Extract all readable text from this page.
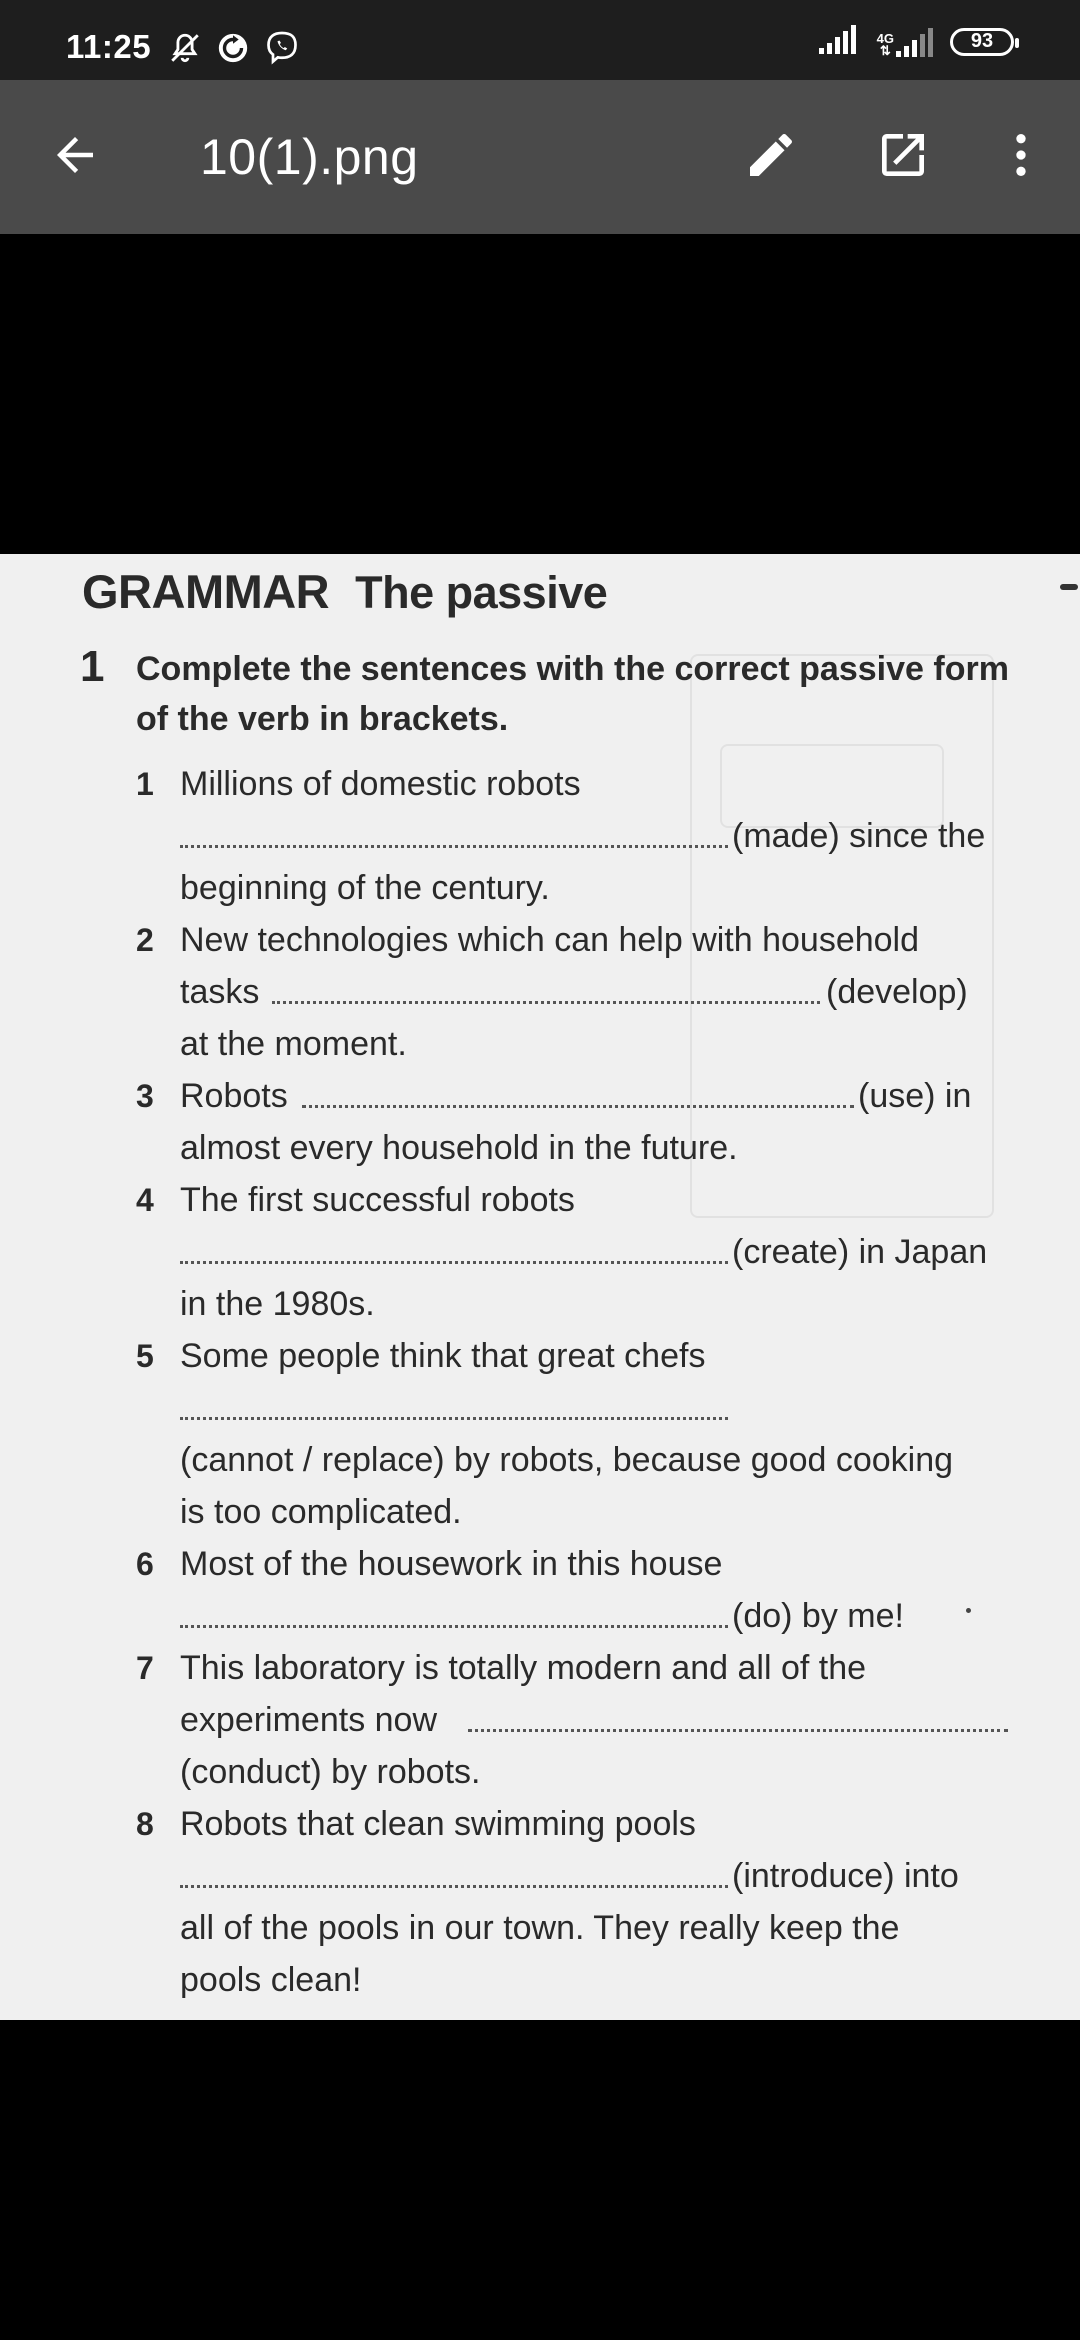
11:25	4G
⇅	93
10(1).png
GRAMMAR The passive
1 Complete the sentences with the correct passive form of the verb in brackets.
1 Millions of domestic robots
(made) since the
beginning of the century.
2 New technologies which can help with household
tasks	(develop)
at the moment.
3 Robots	(use) in
almost every household in the future.
4 The first successful robots
(create) in Japan
in the 1980s.
5 Some people think that great chefs
(cannot / replace) by robots, because good cooking
is too complicated.
6 Most of the housework in this house
(do) by me!
7 This laboratory is totally modern and all of the
experiments now
(conduct) by robots.
8 Robots that clean swimming pools
(introduce) into
all of the pools in our town. They really keep the
pools clean!
